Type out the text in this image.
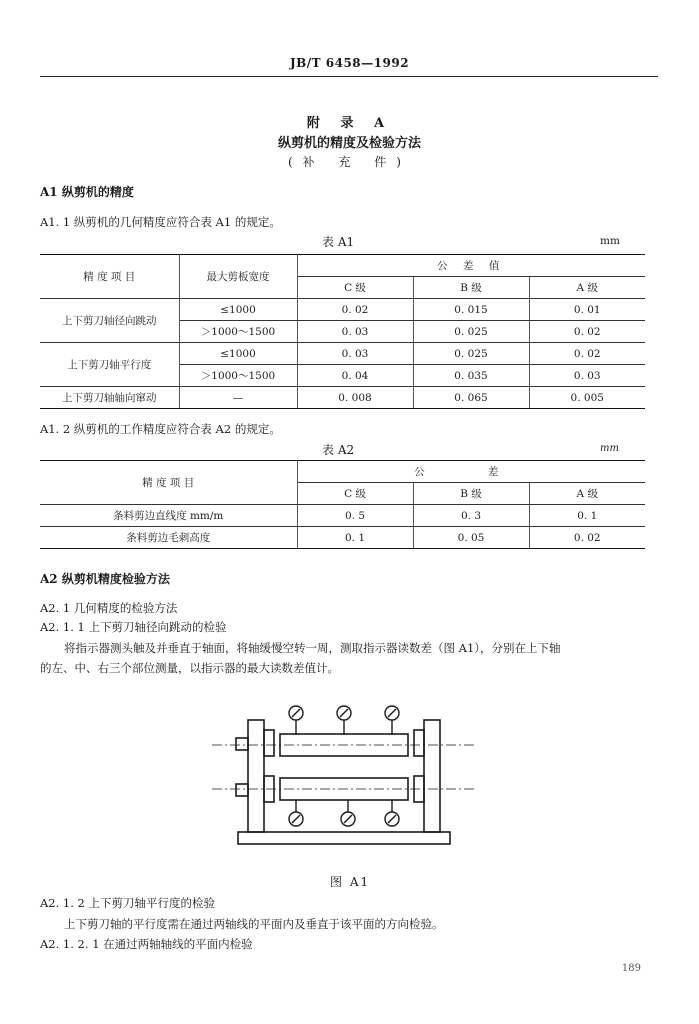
JB/T 6458—1992
附 录 A
纵剪机的精度及检验方法
(补 充 件)
A1 纵剪机的精度
A1. 1 纵剪机的几何精度应符合表 A1 的规定。
表 A1	mm
精 度 项 目	最大剪板宽度	公 差 值		
		C 级	B 级	A 级
上下剪刀轴径向跳动	≤1000	0. 02	0. 015	0. 01
	＞1000～1500	0. 03	0. 025	0. 02
上下剪刀轴平行度	≤1000	0. 03	0. 025	0. 02
	＞1000～1500	0. 04	0. 035	0. 03
上下剪刀轴轴向窜动	—	0. 008	0. 065	0. 005
A1. 2 纵剪机的工作精度应符合表 A2 的规定。
表 A2	mm
精 度 项 目	公 差		
	C 级	B 级	A 级
条料剪边直线度 mm/m	0. 5	0. 3	0. 1
条料剪边毛刺高度	0. 1	0. 05	0. 02
A2 纵剪机精度检验方法
A2. 1 几何精度的检验方法
A2. 1. 1 上下剪刀轴径向跳动的检验
将指示器测头触及并垂直于轴面，将轴缓慢空转一周，测取指示器读数差（图 A1），分别在上下轴
的左、中、右三个部位测量，以指示器的最大读数差值计。
图 A1
A2. 1. 2 上下剪刀轴平行度的检验
上下剪刀轴的平行度需在通过两轴线的平面内及垂直于该平面的方向检验。
A2. 1. 2. 1 在通过两轴轴线的平面内检验
189
